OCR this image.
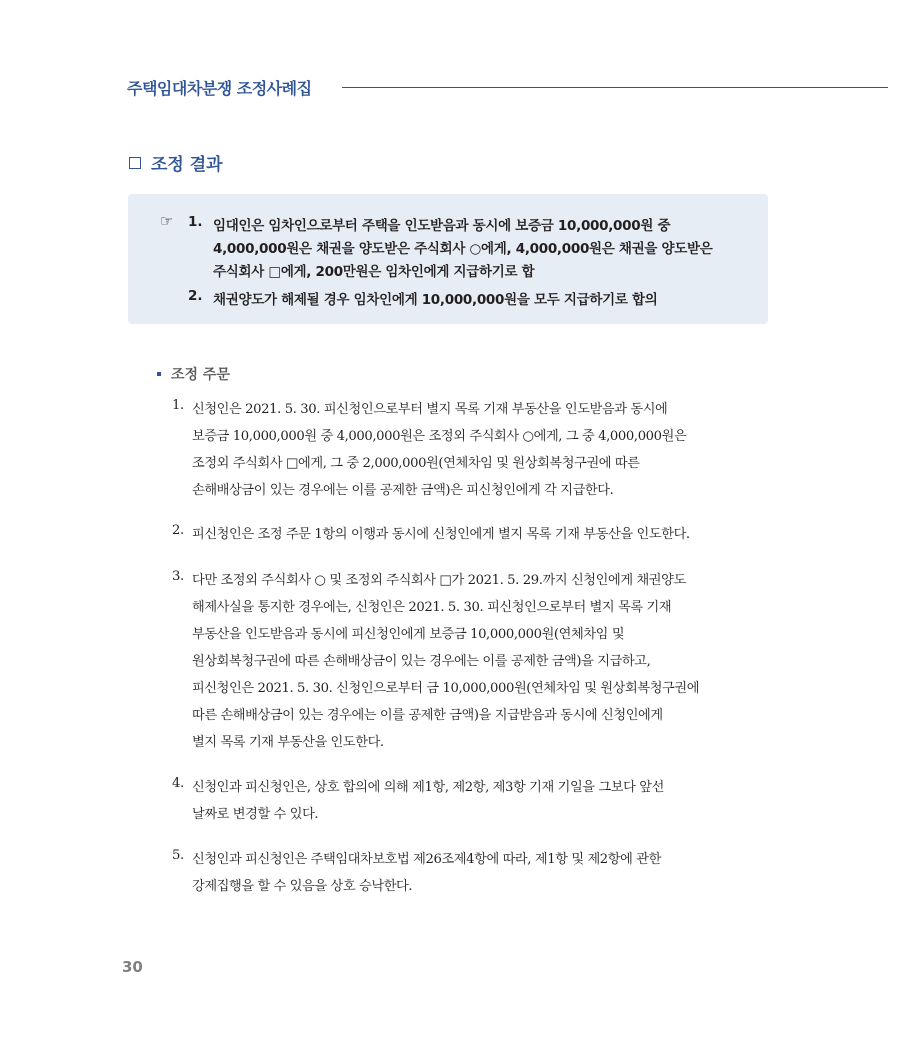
주택임대차분쟁 조정사례집
조정 결과
☞ 1. 임대인은 임차인으로부터 주택을 인도받음과 동시에 보증금 10,000,000원 중
4,000,000원은 채권을 양도받은 주식회사 ○에게, 4,000,000원은 채권을 양도받은
주식회사 □에게, 200만원은 임차인에게 지급하기로 합
2. 채권양도가 해제될 경우 임차인에게 10,000,000원을 모두 지급하기로 합의
조정 주문
1. 신청인은 2021. 5. 30. 피신청인으로부터 별지 목록 기재 부동산을 인도받음과 동시에
보증금 10,000,000원 중 4,000,000원은 조정외 주식회사 ○에게, 그 중 4,000,000원은
조정외 주식회사 □에게, 그 중 2,000,000원(연체차임 및 원상회복청구권에 따른
손해배상금이 있는 경우에는 이를 공제한 금액)은 피신청인에게 각 지급한다.
2. 피신청인은 조정 주문 1항의 이행과 동시에 신청인에게 별지 목록 기재 부동산을 인도한다.
3. 다만 조정외 주식회사 ○ 및 조정외 주식회사 □가 2021. 5. 29.까지 신청인에게 채권양도
해제사실을 통지한 경우에는, 신청인은 2021. 5. 30. 피신청인으로부터 별지 목록 기재
부동산을 인도받음과 동시에 피신청인에게 보증금 10,000,000원(연체차임 및
원상회복청구권에 따른 손해배상금이 있는 경우에는 이를 공제한 금액)을 지급하고,
피신청인은 2021. 5. 30. 신청인으로부터 금 10,000,000원(연체차임 및 원상회복청구권에
따른 손해배상금이 있는 경우에는 이를 공제한 금액)을 지급받음과 동시에 신청인에게
별지 목록 기재 부동산을 인도한다.
4. 신청인과 피신청인은, 상호 합의에 의해 제1항, 제2항, 제3항 기재 기일을 그보다 앞선
날짜로 변경할 수 있다.
5. 신청인과 피신청인은 주택임대차보호법 제26조제4항에 따라, 제1항 및 제2항에 관한
강제집행을 할 수 있음을 상호 승낙한다.
30
